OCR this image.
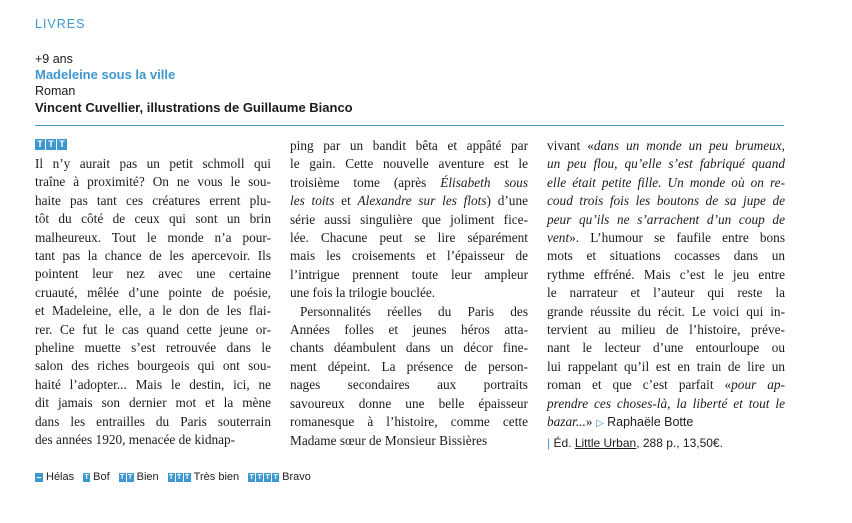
LIVRES
+9 ans
Madeleine sous la ville
Roman
Vincent Cuvellier, illustrations de Guillaume Bianco
T T T
Il n’y aurait pas un petit schmoll qui
traîne à proximité? On ne vous le sou-
haite pas tant ces créatures errent plu-
tôt du côté de ceux qui sont un brin
malheureux. Tout le monde n’a pour-
tant pas la chance de les apercevoir. Ils
pointent leur nez avec une certaine
cruauté, mêlée d’une pointe de poésie,
et Madeleine, elle, a le don de les flai-
rer. Ce fut le cas quand cette jeune or-
pheline muette s’est retrouvée dans le
salon des riches bourgeois qui ont sou-
haité l’adopter... Mais le destin, ici, ne
dit jamais son dernier mot et la mène
dans les entrailles du Paris souterrain
des années 1920, menacée de kidnap-
ping par un bandit bêta et appâté par
le gain. Cette nouvelle aventure est le
troisième tome (après Élisabeth sous
les toits et Alexandre sur les flots) d’une
série aussi singulière que joliment fice-
lée. Chacune peut se lire séparément
mais les croisements et l’épaisseur de
l’intrigue prennent toute leur ampleur
une fois la trilogie bouclée.
Personnalités réelles du Paris des
Années folles et jeunes héros atta-
chants déambulent dans un décor fine-
ment dépeint. La présence de person-
nages secondaires aux portraits
savoureux donne une belle épaisseur
romanesque à l’histoire, comme cette
Madame sœur de Monsieur Bissières
vivant «dans un monde un peu brumeux,
un peu flou, qu’elle s’est fabriqué quand
elle était petite fille. Un monde où on re-
coud trois fois les boutons de sa jupe de
peur qu’ils ne s’arrachent d’un coup de
vent». L’humour se faufile entre bons
mots et situations cocasses dans un
rythme effréné. Mais c’est le jeu entre
le narrateur et l’auteur qui reste la
grande réussite du récit. Le voici qui in-
tervient au milieu de l’histoire, préve-
nant le lecteur d’une entourloupe ou
lui rappelant qu’il est en train de lire un
roman et que c’est parfait «pour ap-
prendre ces choses-là, la liberté et tout le
bazar...» ▷ Raphaële Botte
| Éd. Little Urban, 288 p., 13,50€.
Hélas T Bof T T Bien T T T Très bien T T T T Bravo
